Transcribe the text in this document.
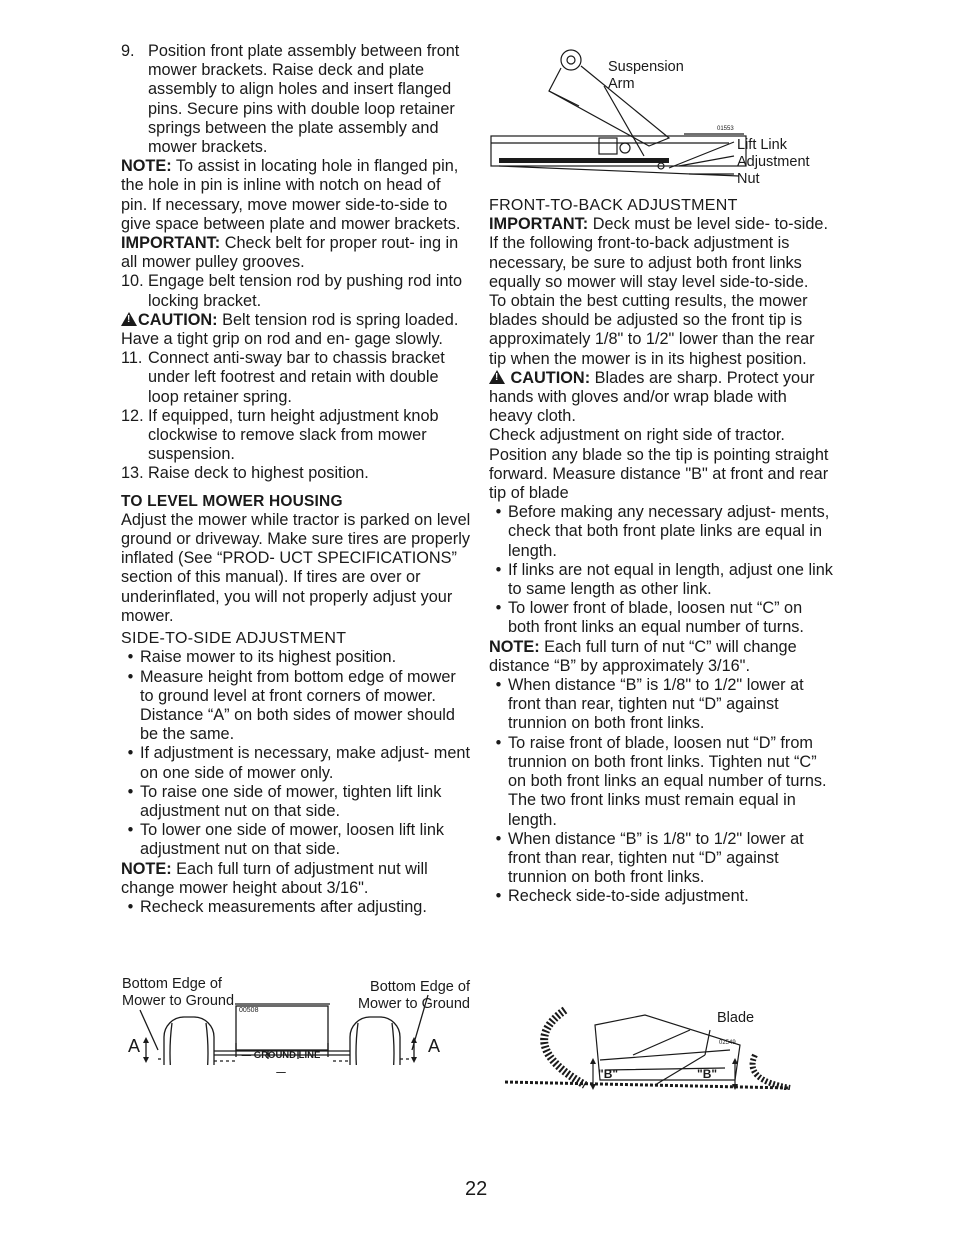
9. Position front plate assembly between front mower brackets. Raise deck and plate assembly to align holes and insert flanged pins. Secure pins with double loop retainer springs between the plate assembly and mower brackets.

NOTE: To assist in locating hole in flanged pin, the hole in pin is inline with notch on head of pin. If necessary, move mower side-to-side to give space between plate and mower brackets.

IMPORTANT: Check belt for proper rout- ing in all mower pulley grooves.

10. Engage belt tension rod by pushing rod into locking bracket.

!CAUTION: Belt tension rod is spring loaded. Have a tight grip on rod and en- gage slowly.

11. Connect anti-sway bar to chassis bracket under left footrest and retain with double loop retainer spring.
12. If equipped, turn height adjustment knob clockwise to remove slack from mower suspension.
13. Raise deck to highest position.

TO LEVEL MOWER HOUSING

Adjust the mower while tractor is parked on level ground or driveway. Make sure tires are properly inflated (See “PROD- UCT SPECIFICATIONS” section of this manual). If tires are over or underinflated, you will not properly adjust your mower.

SIDE-TO-SIDE ADJUSTMENT

• Raise mower to its highest position.
• Measure height from bottom edge of mower to ground level at front corners of mower. Distance “A” on both sides of mower should be the same.
• If adjustment is necessary, make adjust- ment on one side of mower only.
• To raise one side of mower, tighten lift link adjustment nut on that side.
• To lower one side of mower, loosen lift link adjustment nut on that side.

NOTE: Each full turn of adjustment nut will change mower height about 3/16".

• Recheck measurements after adjusting.
Bottom Edge of Mower to Ground
Bottom Edge of Mower to Ground
00508
A	A
— GROUND LINE —
01553
Suspension Arm
Lift Link
Adjustment
Nut

FRONT-TO-BACK ADJUSTMENT

IMPORTANT: Deck must be level side- to-side. If the following front-to-back adjustment is necessary, be sure to adjust both front links equally so mower will stay level side-to-side.

To obtain the best cutting results, the mower blades should be adjusted so the front tip is approximately 1/8" to 1/2" lower than the rear tip when the mower is in its highest position.

! CAUTION: Blades are sharp. Protect your hands with gloves and/or wrap blade with heavy cloth.

Check adjustment on right side of tractor. Position any blade so the tip is pointing straight forward. Measure distance "B" at front and rear tip of blade

• Before making any necessary adjust- ments, check that both front plate links are equal in length.
• If links are not equal in length, adjust one link to same length as other link.
• To lower front of blade, loosen nut “C” on both front links an equal number of turns.

NOTE: Each full turn of nut “C” will change distance “B” by approximately 3/16".

• When distance “B” is 1/8" to 1/2" lower at front than rear, tighten nut “D” against trunnion on both front links.
• To raise front of blade, loosen nut “D” from trunnion on both front links. Tighten nut “C” on both front links an equal number of turns. The two front links must remain equal in length.
• When distance “B” is 1/8" to 1/2" lower at front than rear, tighten nut “D” against trunnion on both front links.
• Recheck side-to-side adjustment.
02549
Blade
"B"	"B"
22
